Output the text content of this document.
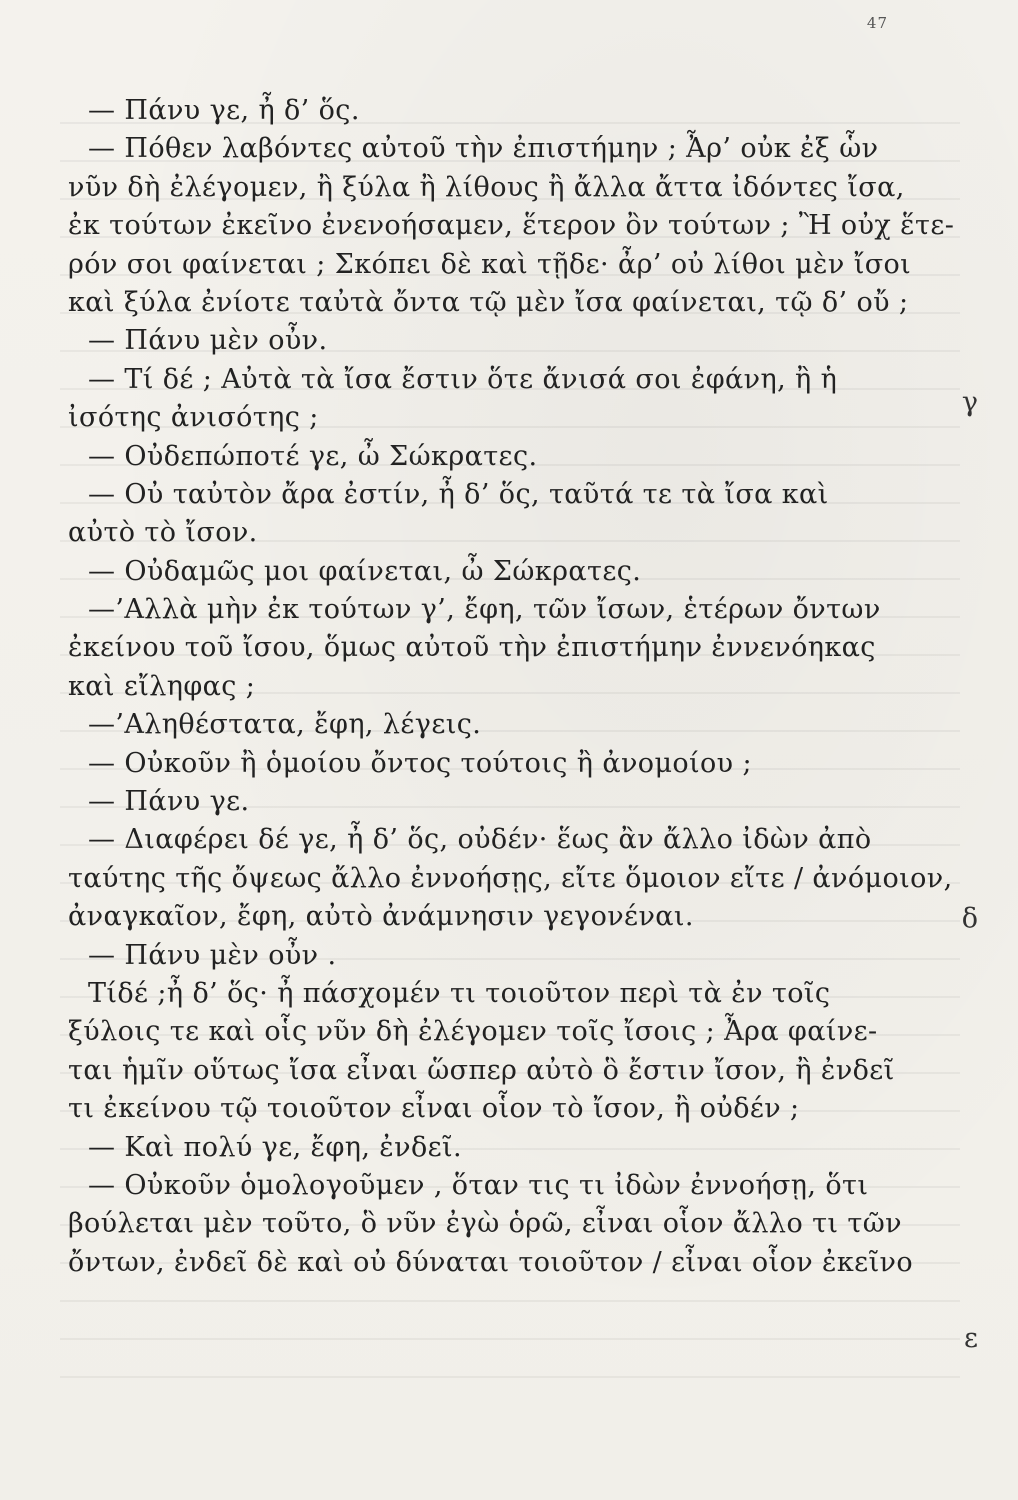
47
— Πάνυ γε, ἦ δ’ ὅς.
— Πόθεν λαβόντες αὐτοῦ τὴν ἐπιστήμην ; Ἆρ’ οὐκ ἐξ ὧν
νῦν δὴ ἐλέγομεν, ἢ ξύλα ἢ λίθους ἢ ἄλλα ἄττα ἰδόντες ἴσα,
ἐκ τούτων ἐκεῖνο ἐνενοήσαμεν, ἕτερον ὂν τούτων ; Ἢ οὐχ ἕτε-
ρόν σοι φαίνεται ; Σκόπει δὲ καὶ τῇδε· ἆρ’ οὐ λίθοι μὲν ἴσοι
καὶ ξύλα ἐνίοτε ταὐτὰ ὄντα τῷ μὲν ἴσα φαίνεται, τῷ δ’ οὔ ;
— Πάνυ μὲν οὖν.
— Τί δέ ; Αὐτὰ τὰ ἴσα ἔστιν ὅτε ἄνισά σοι ἐφάνη, ἢ ἡ
ἰσότης ἀνισότης ;
— Οὐδεπώποτέ γε, ὦ Σώκρατες.
— Οὐ ταὐτὸν ἄρα ἐστίν, ἦ δ’ ὅς, ταῦτά τε τὰ ἴσα καὶ
αὐτὸ τὸ ἴσον.
— Οὐδαμῶς μοι φαίνεται, ὦ Σώκρατες.
—’Αλλὰ μὴν ἐκ τούτων γ’, ἔφη, τῶν ἴσων, ἑτέρων ὄντων
ἐκείνου τοῦ ἴσου, ὅμως αὐτοῦ τὴν ἐπιστήμην ἐννενόηκας
καὶ εἴληφας ;
—’Αληθέστατα, ἔφη, λέγεις.
— Οὐκοῦν ἢ ὁμοίου ὄντος τούτοις ἢ ἀνομοίου ;
— Πάνυ γε.
— Διαφέρει δέ γε, ἦ δ’ ὅς, οὐδέν· ἕως ἂν ἄλλο ἰδὼν ἀπὸ
ταύτης τῆς ὄψεως ἄλλο ἐννοήσῃς, εἴτε ὅμοιον εἴτε / ἀνόμοιον,
ἀναγκαῖον, ἔφη, αὐτὸ ἀνάμνησιν γεγονέναι.
— Πάνυ μὲν οὖν .
Τίδέ ;ἦ δ’ ὅς· ἦ πάσχομέν τι τοιοῦτον περὶ τὰ ἐν τοῖς
ξύλοις τε καὶ οἷς νῦν δὴ ἐλέγομεν τοῖς ἴσοις ; Ἆρα φαίνε-
ται ἡμῖν οὕτως ἴσα εἶναι ὥσπερ αὐτὸ ὃ ἔστιν ἴσον, ἢ ἐνδεῖ
τι ἐκείνου τῷ τοιοῦτον εἶναι οἷον τὸ ἴσον, ἢ οὐδέν ;
— Καὶ πολύ γε, ἔφη, ἐνδεῖ.
— Οὐκοῦν ὁμολογοῦμεν , ὅταν τις τι ἰδὼν ἐννοήσῃ, ὅτι
βούλεται μὲν τοῦτο, ὃ νῦν ἐγὼ ὁρῶ, εἶναι οἷον ἄλλο τι τῶν
ὄντων, ἐνδεῖ δὲ καὶ οὐ δύναται τοιοῦτον / εἶναι οἷον ἐκεῖνο
γ
δ
ε
